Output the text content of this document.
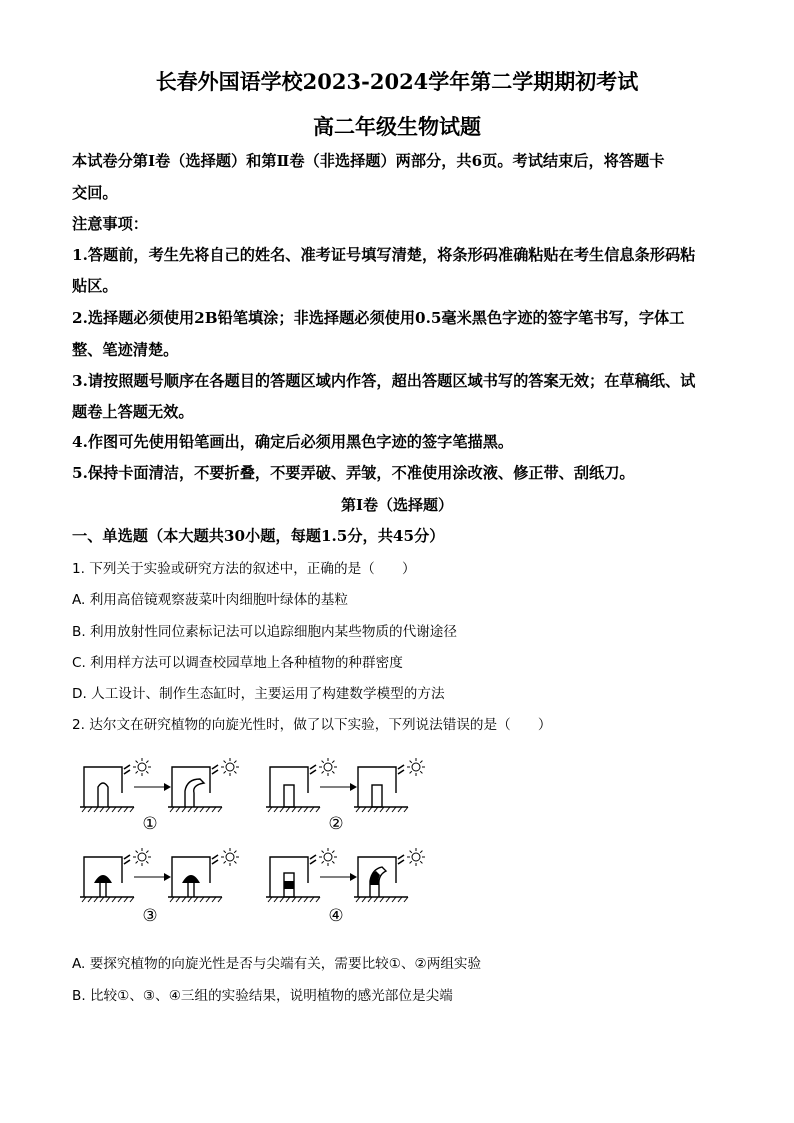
长春外国语学校2023-2024学年第二学期期初考试
高二年级生物试题
本试卷分第Ⅰ卷（选择题）和第Ⅱ卷（非选择题）两部分，共6页。考试结束后，将答题卡
交回。
注意事项：
1.答题前，考生先将自己的姓名、准考证号填写清楚，将条形码准确粘贴在考生信息条形码粘
贴区。
2.选择题必须使用2B铅笔填涂；非选择题必须使用0.5毫米黑色字迹的签字笔书写，字体工
整、笔迹清楚。
3.请按照题号顺序在各题目的答题区域内作答，超出答题区域书写的答案无效；在草稿纸、试
题卷上答题无效。
4.作图可先使用铅笔画出，确定后必须用黑色字迹的签字笔描黑。
5.保持卡面清洁，不要折叠，不要弄破、弄皱，不准使用涂改液、修正带、刮纸刀。
第Ⅰ卷（选择题）
一、单选题（本大题共30小题，每题1.5分，共45分）
1. 下列关于实验或研究方法的叙述中，正确的是（　　）
A. 利用高倍镜观察菠菜叶肉细胞叶绿体的基粒
B. 利用放射性同位素标记法可以追踪细胞内某些物质的代谢途径
C. 利用样方法可以调查校园草地上各种植物的种群密度
D. 人工设计、制作生态缸时，主要运用了构建数学模型的方法
2. 达尔文在研究植物的向旋光性时，做了以下实验，下列说法错误的是（　　）
①	②
③	④
A. 要探究植物的向旋光性是否与尖端有关，需要比较①、②两组实验
B. 比较①、③、④三组的实验结果，说明植物的感光部位是尖端
